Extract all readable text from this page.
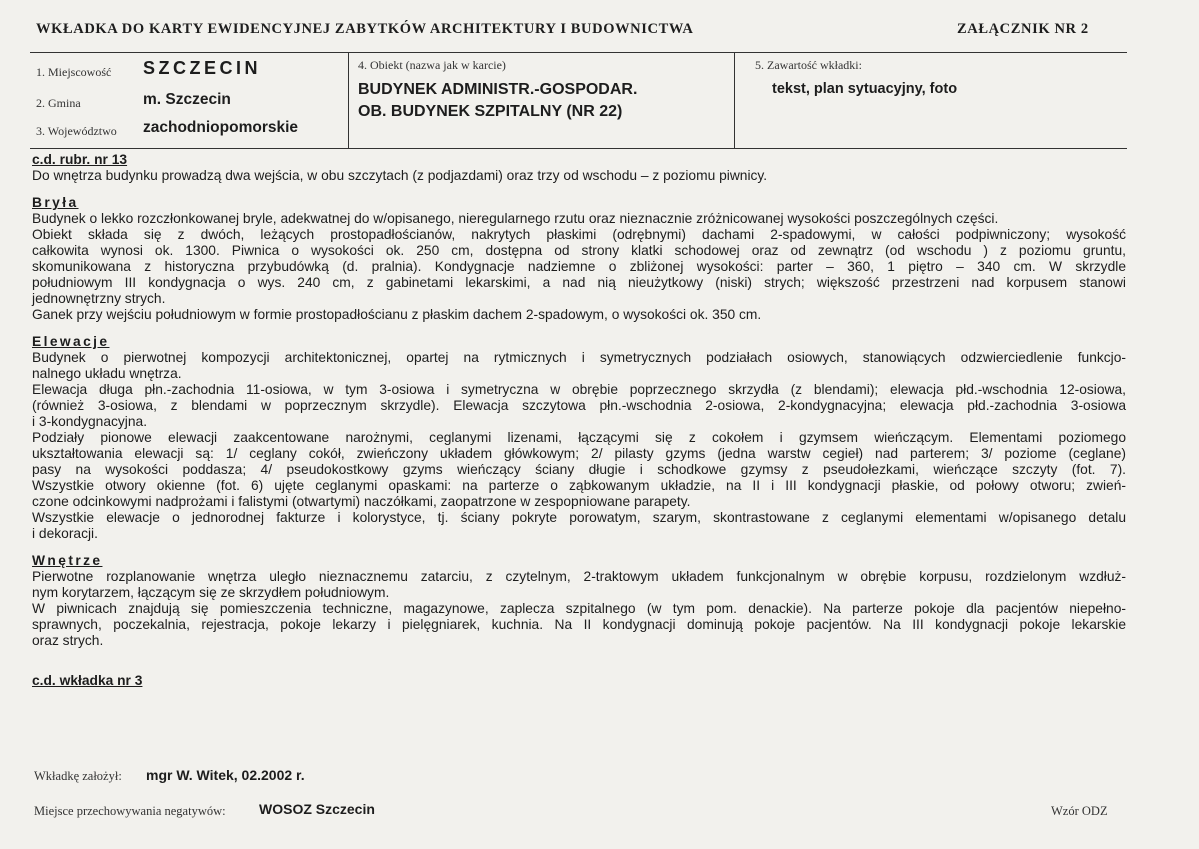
WKŁADKA DO KARTY EWIDENCYJNEJ ZABYTKÓW ARCHITEKTURY I BUDOWNICTWA	ZAŁĄCZNIK NR 2
1. Miejscowość SZCZECIN
2. Gmina	m. Szczecin
3. Województwo zachodniopomorskie
4. Obiekt (nazwa jak w karcie)
BUDYNEK ADMINISTR.-GOSPODAR.
OB. BUDYNEK SZPITALNY (NR 22)
5. Zawartość wkładki:
tekst, plan sytuacyjny, foto

c.d. rubr. nr 13

Do wnętrza budynku prowadzą dwa wejścia, w obu szczytach (z podjazdami) oraz trzy od wschodu – z poziomu piwnicy.

Bryła

Budynek o lekko rozczłonkowanej bryle, adekwatnej do w/opisanego, nieregularnego rzutu oraz nieznacznie zróżnicowanej wysokości poszczególnych części.

Obiekt składa się z dwóch, leżących prostopadłościanów, nakrytych płaskimi (odrębnymi) dachami 2-spadowymi, w całości podpiwniczony; wysokość

całkowita wynosi ok. 1300. Piwnica o wysokości ok. 250 cm, dostępna od strony klatki schodowej oraz od zewnątrz (od wschodu ) z poziomu gruntu,

skomunikowana z historyczna przybudówką (d. pralnia). Kondygnacje nadziemne o zbliżonej wysokości: parter – 360, 1 piętro – 340 cm. W skrzydle

południowym III kondygnacja o wys. 240 cm, z gabinetami lekarskimi, a nad nią nieużytkowy (niski) strych; większość przestrzeni nad korpusem stanowi

jednownętrzny strych.

Ganek przy wejściu południowym w formie prostopadłościanu z płaskim dachem 2-spadowym, o wysokości ok. 350 cm.

Elewacje

Budynek o pierwotnej kompozycji architektonicznej, opartej na rytmicznych i symetrycznych podziałach osiowych, stanowiących odzwierciedlenie funkcjo-

nalnego układu wnętrza.

Elewacja długa płn.-zachodnia 11-osiowa, w tym 3-osiowa i symetryczna w obrębie poprzecznego skrzydła (z blendami); elewacja płd.-wschodnia 12-osiowa,

(również 3-osiowa, z blendami w poprzecznym skrzydle). Elewacja szczytowa płn.-wschodnia 2-osiowa, 2-kondygnacyjna; elewacja płd.-zachodnia 3-osiowa

i 3-kondygnacyjna.

Podziały pionowe elewacji zaakcentowane narożnymi, ceglanymi lizenami, łączącymi się z cokołem i gzymsem wieńczącym. Elementami poziomego

ukształtowania elewacji są: 1/ ceglany cokół, zwieńczony układem główkowym; 2/ pilasty gzyms (jedna warstw cegieł) nad parterem; 3/ poziome (ceglane)

pasy na wysokości poddasza; 4/ pseudokostkowy gzyms wieńczący ściany długie i schodkowe gzymsy z pseudołezkami, wieńczące szczyty (fot. 7).

Wszystkie otwory okienne (fot. 6) ujęte ceglanymi opaskami: na parterze o ząbkowanym układzie, na II i III kondygnacji płaskie, od połowy otworu; zwień-

czone odcinkowymi nadprożami i falistymi (otwartymi) naczółkami, zaopatrzone w zespopniowane parapety.

Wszystkie elewacje o jednorodnej fakturze i kolorystyce, tj. ściany pokryte porowatym, szarym, skontrastowane z ceglanymi elementami w/opisanego detalu

i dekoracji.

Wnętrze

Pierwotne rozplanowanie wnętrza uległo nieznacznemu zatarciu, z czytelnym, 2-traktowym układem funkcjonalnym w obrębie korpusu, rozdzielonym wzdłuż-

nym korytarzem, łączącym się ze skrzydłem południowym.

W piwnicach znajdują się pomieszczenia techniczne, magazynowe, zaplecza szpitalnego (w tym pom. denackie). Na parterze pokoje dla pacjentów niepełno-

sprawnych, poczekalnia, rejestracja, pokoje lekarzy i pielęgniarek, kuchnia. Na II kondygnacji dominują pokoje pacjentów. Na III kondygnacji pokoje lekarskie

oraz strych.

c.d. wkładka nr 3

Wkładkę założył: mgr W. Witek, 02.2002 r.
Miejsce przechowywania negatywów: WOSOZ Szczecin	Wzór ODZ
